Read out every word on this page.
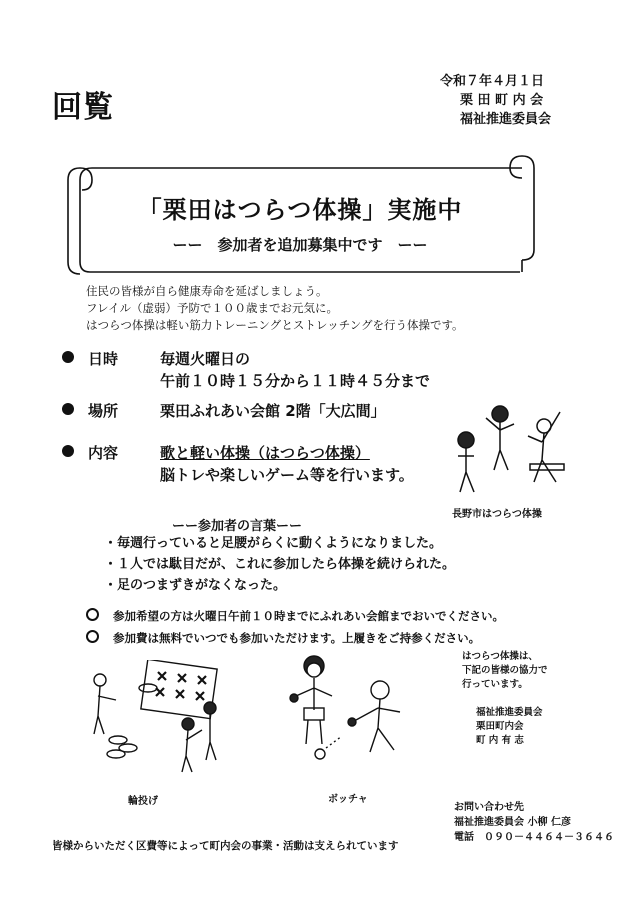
回覧
令和７年４月１日
栗 田 町 内 会
福祉推進委員会
「栗田はつらつ体操」実施中
ーー　参加者を追加募集中です　ーー
住民の皆様が自ら健康寿命を延ばしましょう。
フレイル（虚弱）予防で１００歳までお元気に。
はつらつ体操は軽い筋力トレーニングとストレッチングを行う体操です。
日時	毎週火曜日の
午前１０時１５分から１１時４５分まで
場所	栗田ふれあい会館 2階「大広間」
内容	歌と軽い体操（はつらつ体操）
脳トレや楽しいゲーム等を行います。
長野市はつらつ体操
ーー参加者の言葉ーー
・毎週行っていると足腰がらくに動くようになりました。
・１人では駄目だが、これに参加したら体操を続けられた。
・足のつまずきがなくなった。
参加希望の方は火曜日午前１０時までにふれあい会館までおいでください。
参加費は無料でいつでも参加いただけます。上履きをご持参ください。
輪投げ	ボッチャ
はつらつ体操は、
下記の皆様の協力で
行っています。
福祉推進委員会
栗田町内会
町 内 有 志
お問い合わせ先
福祉推進委員会 小柳 仁彦
電話　０９０－４４６４－３６４６
皆様からいただく区費等によって町内会の事業・活動は支えられています
